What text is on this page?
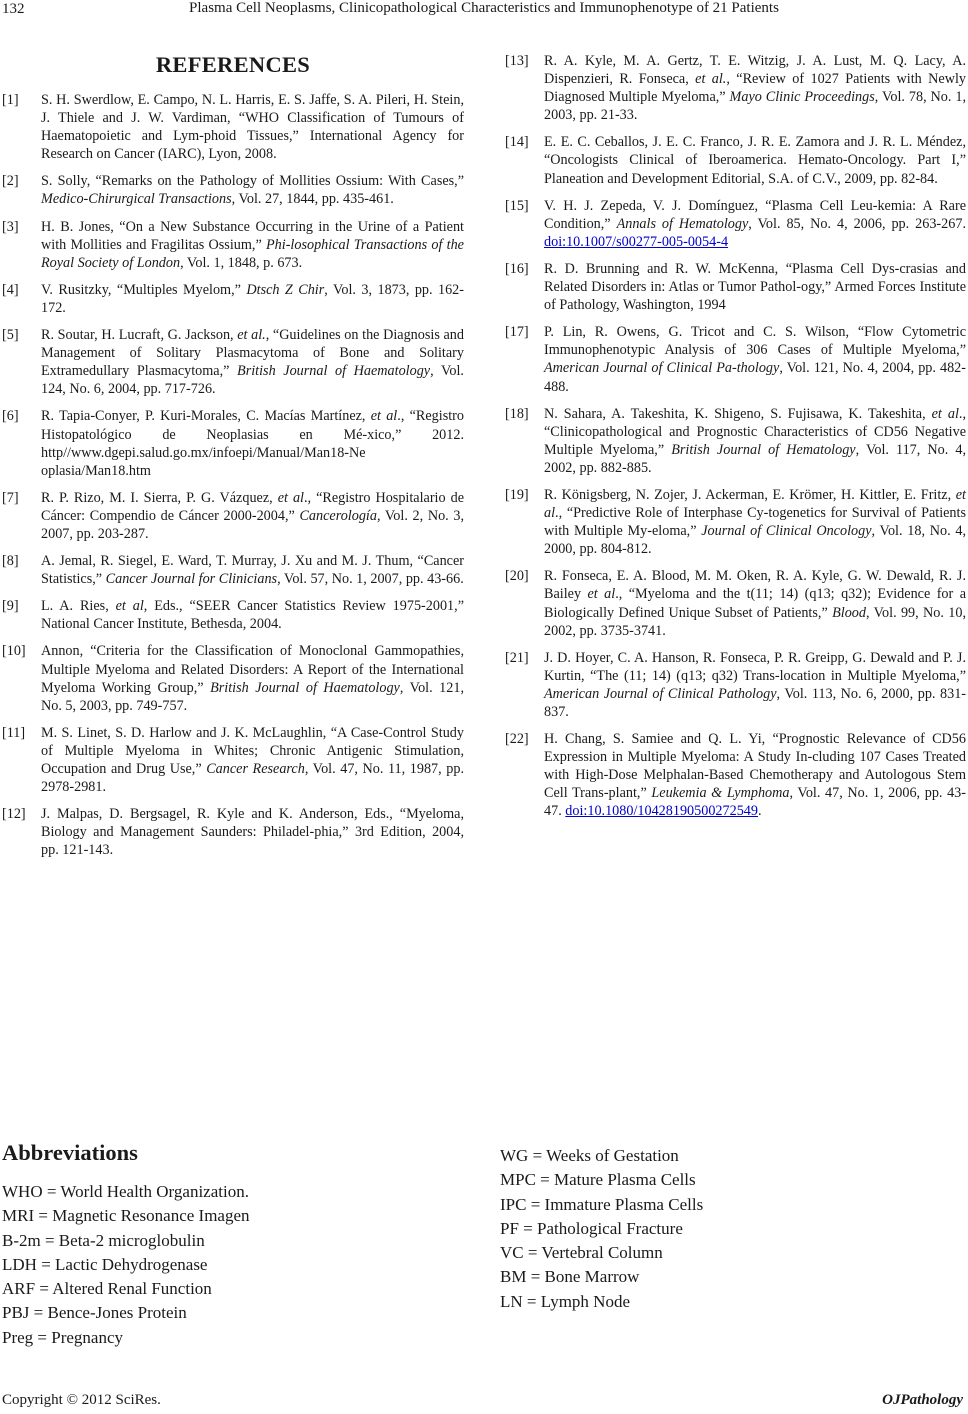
132	Plasma Cell Neoplasms, Clinicopathological Characteristics and Immunophenotype of 21 Patients
REFERENCES
[1]	S. H. Swerdlow, E. Campo, N. L. Harris, E. S. Jaffe, S. A. Pileri, H. Stein, J. Thiele and J. W. Vardiman, “WHO Classification of Tumours of Haematopoietic and Lym-phoid Tissues,” International Agency for Research on Cancer (IARC), Lyon, 2008.
[2]	S. Solly, “Remarks on the Pathology of Mollities Ossium: With Cases,” Medico-Chirurgical Transactions, Vol. 27, 1844, pp. 435-461.
[3]	H. B. Jones, “On a New Substance Occurring in the Urine of a Patient with Mollities and Fragilitas Ossium,” Phi-losophical Transactions of the Royal Society of London, Vol. 1, 1848, p. 673.
[4]	V. Rusitzky, “Multiples Myelom,” Dtsch Z Chir, Vol. 3, 1873, pp. 162-172.
[5]	R. Soutar, H. Lucraft, G. Jackson, et al., “Guidelines on the Diagnosis and Management of Solitary Plasmacytoma of Bone and Solitary Extramedullary Plasmacytoma,” British Journal of Haematology, Vol. 124, No. 6, 2004, pp. 717-726.
[6]	R. Tapia-Conyer, P. Kuri-Morales, C. Macías Martínez, et al., “Registro Histopatológico de Neoplasias en Mé-xico,” 2012. http//www.dgepi.salud.go.mx/infoepi/Manual/Man18-Ne oplasia/Man18.htm
[7]	R. P. Rizo, M. I. Sierra, P. G. Vázquez, et al., “Registro Hospitalario de Cáncer: Compendio de Cáncer 2000-2004,” Cancerología, Vol. 2, No. 3, 2007, pp. 203-287.
[8]	A. Jemal, R. Siegel, E. Ward, T. Murray, J. Xu and M. J. Thum, “Cancer Statistics,” Cancer Journal for Clinicians, Vol. 57, No. 1, 2007, pp. 43-66.
[9]	L. A. Ries, et al, Eds., “SEER Cancer Statistics Review 1975-2001,” National Cancer Institute, Bethesda, 2004.
[10]	Annon, “Criteria for the Classification of Monoclonal Gammopathies, Multiple Myeloma and Related Disorders: A Report of the International Myeloma Working Group,” British Journal of Haematology, Vol. 121, No. 5, 2003, pp. 749-757.
[11]	M. S. Linet, S. D. Harlow and J. K. McLaughlin, “A Case-Control Study of Multiple Myeloma in Whites; Chronic Antigenic Stimulation, Occupation and Drug Use,” Cancer Research, Vol. 47, No. 11, 1987, pp. 2978-2981.
[12]	J. Malpas, D. Bergsagel, R. Kyle and K. Anderson, Eds., “Myeloma, Biology and Management Saunders: Philadel-phia,” 3rd Edition, 2004, pp. 121-143.
[13]	R. A. Kyle, M. A. Gertz, T. E. Witzig, J. A. Lust, M. Q. Lacy, A. Dispenzieri, R. Fonseca, et al., “Review of 1027 Patients with Newly Diagnosed Multiple Myeloma,” Mayo Clinic Proceedings, Vol. 78, No. 1, 2003, pp. 21-33.
[14]	E. E. C. Ceballos, J. E. C. Franco, J. R. E. Zamora and J. R. L. Méndez, “Oncologists Clinical of Iberoamerica. Hemato-Oncology. Part I,” Planeation and Development Editorial, S.A. of C.V., 2009, pp. 82-84.
[15]	V. H. J. Zepeda, V. J. Domínguez, “Plasma Cell Leu-kemia: A Rare Condition,” Annals of Hematology, Vol. 85, No. 4, 2006, pp. 263-267. doi:10.1007/s00277-005-0054-4
[16]	R. D. Brunning and R. W. McKenna, “Plasma Cell Dys-crasias and Related Disorders in: Atlas or Tumor Pathol-ogy,” Armed Forces Institute of Pathology, Washington, 1994
[17]	P. Lin, R. Owens, G. Tricot and C. S. Wilson, “Flow Cytometric Immunophenotypic Analysis of 306 Cases of Multiple Myeloma,” American Journal of Clinical Pa-thology, Vol. 121, No. 4, 2004, pp. 482-488.
[18]	N. Sahara, A. Takeshita, K. Shigeno, S. Fujisawa, K. Takeshita, et al., “Clinicopathological and Prognostic Characteristics of CD56 Negative Multiple Myeloma,” British Journal of Hematology, Vol. 117, No. 4, 2002, pp. 882-885.
[19]	R. Königsberg, N. Zojer, J. Ackerman, E. Krömer, H. Kittler, E. Fritz, et al., “Predictive Role of Interphase Cy-togenetics for Survival of Patients with Multiple My-eloma,” Journal of Clinical Oncology, Vol. 18, No. 4, 2000, pp. 804-812.
[20]	R. Fonseca, E. A. Blood, M. M. Oken, R. A. Kyle, G. W. Dewald, R. J. Bailey et al., “Myeloma and the t(11; 14) (q13; q32); Evidence for a Biologically Defined Unique Subset of Patients,” Blood, Vol. 99, No. 10, 2002, pp. 3735-3741.
[21]	J. D. Hoyer, C. A. Hanson, R. Fonseca, P. R. Greipp, G. Dewald and P. J. Kurtin, “The (11; 14) (q13; q32) Trans-location in Multiple Myeloma,” American Journal of Clinical Pathology, Vol. 113, No. 6, 2000, pp. 831-837.
[22]	H. Chang, S. Samiee and Q. L. Yi, “Prognostic Relevance of CD56 Expression in Multiple Myeloma: A Study In-cluding 107 Cases Treated with High-Dose Melphalan-Based Chemotherapy and Autologous Stem Cell Trans-plant,” Leukemia & Lymphoma, Vol. 47, No. 1, 2006, pp. 43-47. doi:10.1080/10428190500272549.
Abbreviations
WHO = World Health Organization.
MRI = Magnetic Resonance Imagen
B-2m = Beta-2 microglobulin
LDH = Lactic Dehydrogenase
ARF = Altered Renal Function
PBJ = Bence-Jones Protein
Preg = Pregnancy
WG = Weeks of Gestation
MPC = Mature Plasma Cells
IPC = Immature Plasma Cells
PF = Pathological Fracture
VC = Vertebral Column
BM = Bone Marrow
LN = Lymph Node
Copyright © 2012 SciRes.	OJPathology
